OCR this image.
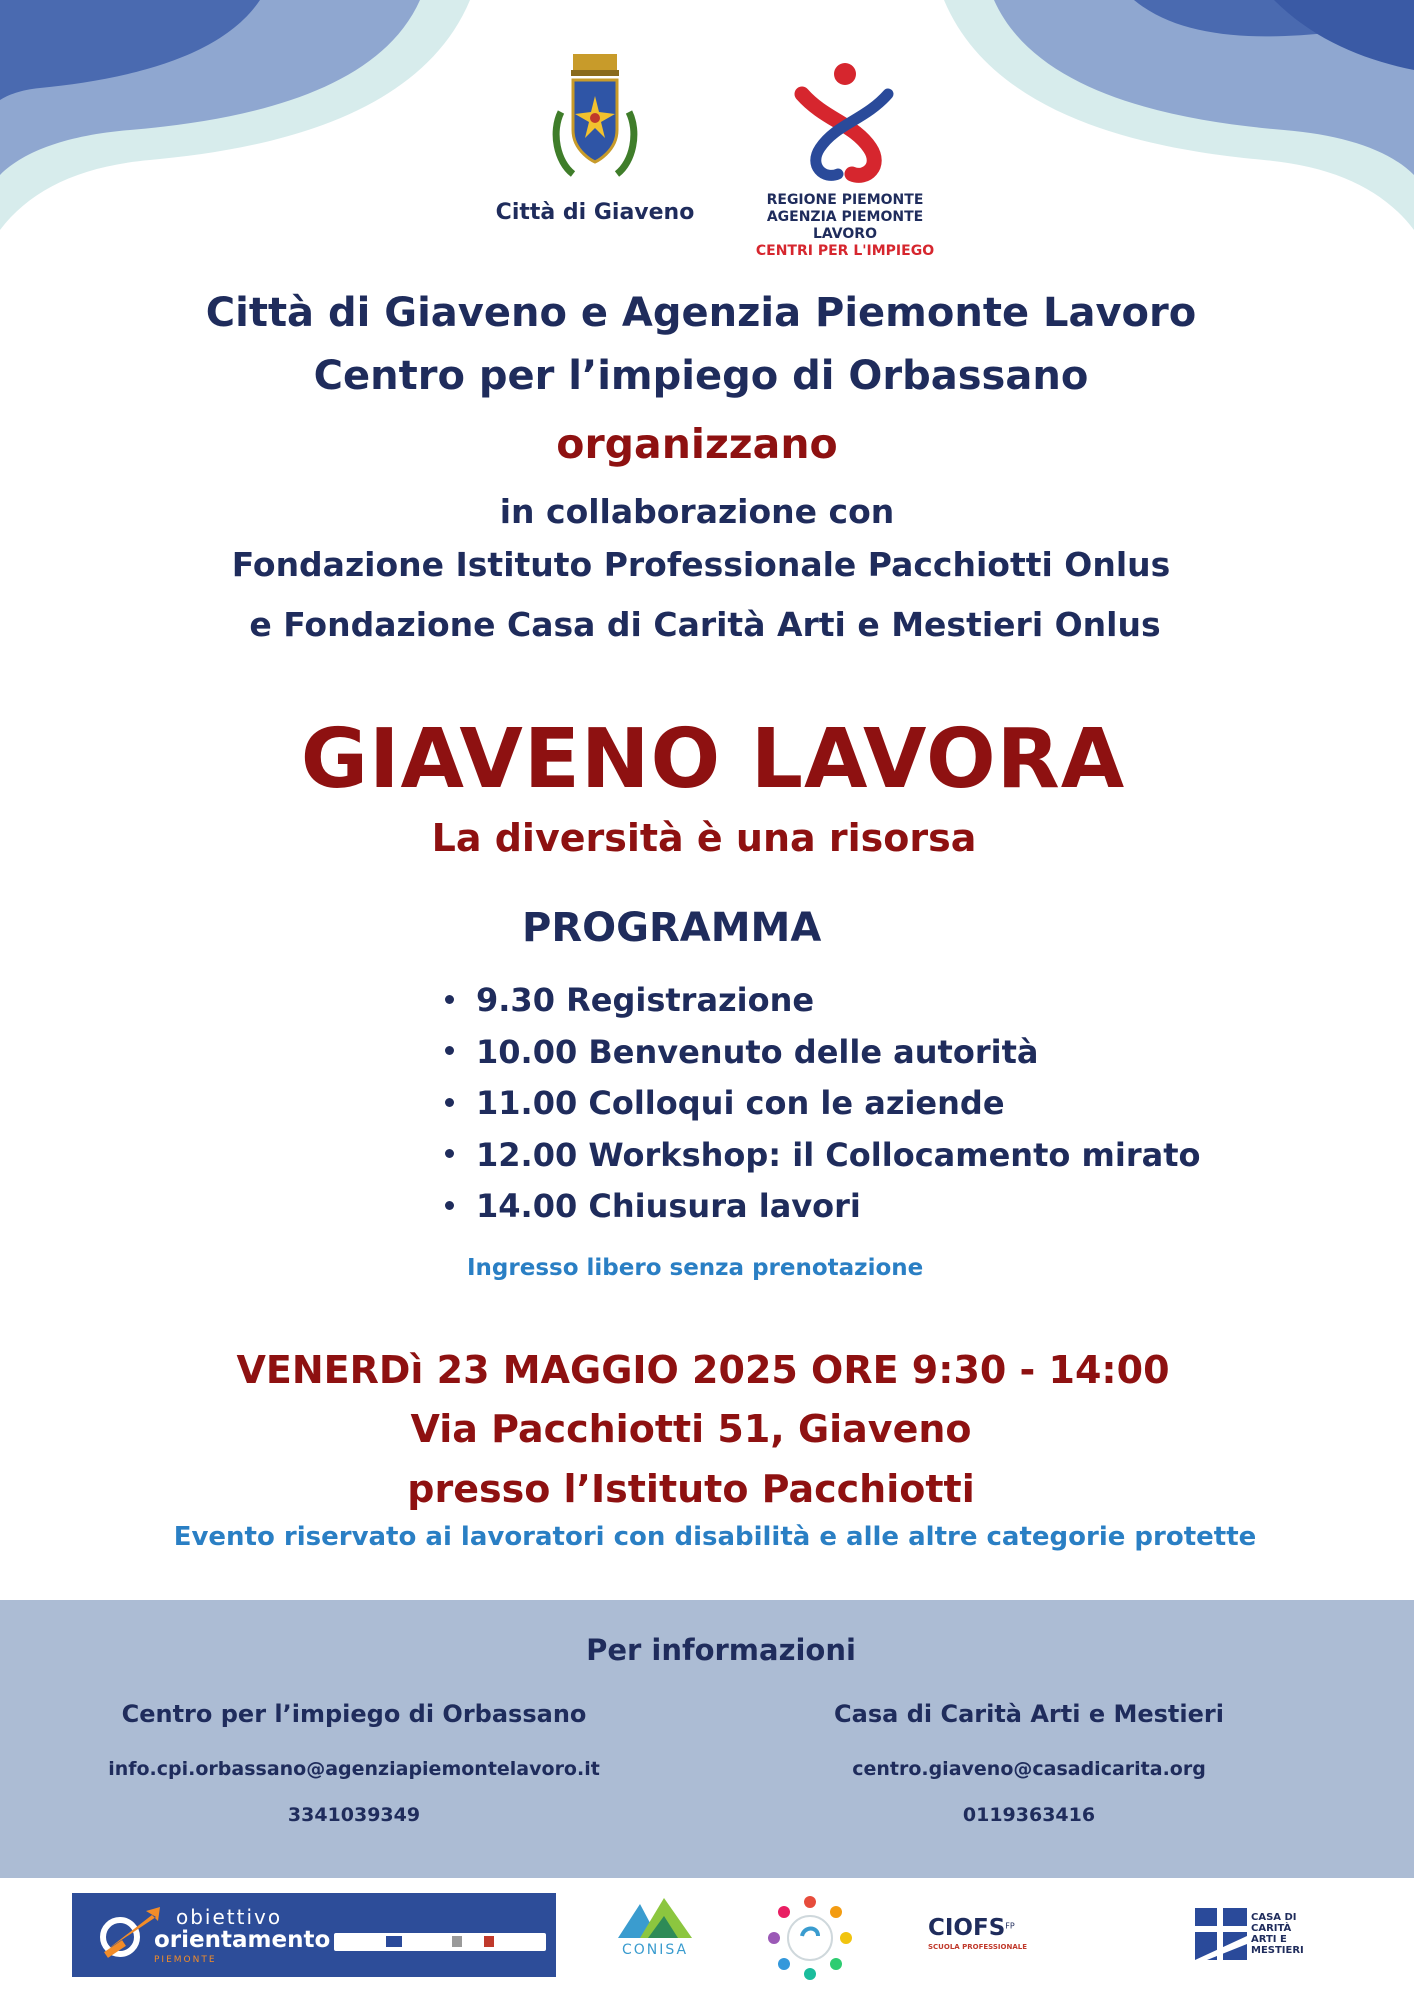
Città di Giaveno	REGIONE PIEMONTE
AGENZIA PIEMONTE LAVORO
CENTRI PER L'IMPIEGO
Città di Giaveno e Agenzia Piemonte Lavoro
Centro per l’impiego di Orbassano
organizzano
in collaborazione con
Fondazione Istituto Professionale Pacchiotti Onlus
e Fondazione Casa di Carità Arti e Mestieri Onlus
GIAVENO LAVORA
La diversità è una risorsa
PROGRAMMA
9.30 Registrazione
10.00 Benvenuto delle autorità
11.00 Colloqui con le aziende
12.00 Workshop: il Collocamento mirato
14.00 Chiusura lavori
Ingresso libero senza prenotazione
VENERDì 23 MAGGIO 2025 ORE 9:30 - 14:00
Via Pacchiotti 51, Giaveno
presso l’Istituto Pacchiotti
Evento riservato ai lavoratori con disabilità e alle altre categorie protette
Per informazioni
Centro per l’impiego di Orbassano
info.cpi.orbassano@agenziapiemontelavoro.it
3341039349
Casa di Carità Arti e Mestieri
centro.giaveno@casadicarita.org
0119363416
obiettivo
orientamento
PIEMONTE
CONISA
$CIOFS^{FP}$
SCUOLA PROFESSIONALE
CASA DI
CARITÀ
ARTI E
MESTIERI
